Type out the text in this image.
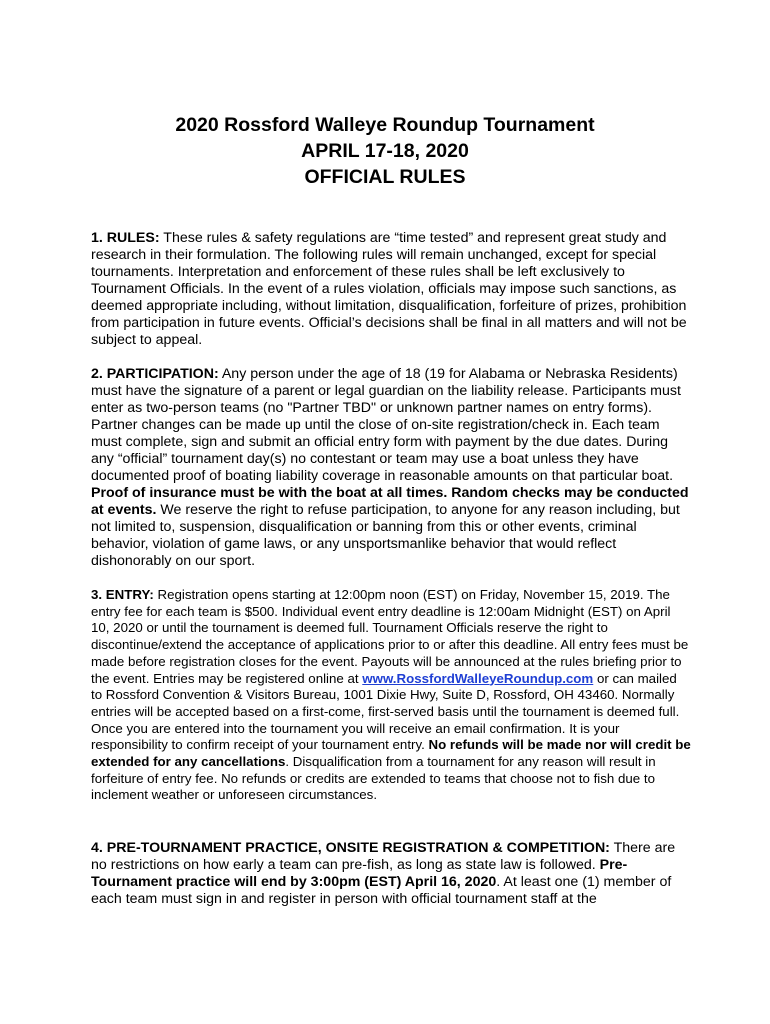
2020 Rossford Walleye Roundup Tournament
APRIL 17-18, 2020
OFFICIAL RULES

1. RULES: These rules & safety regulations are “time tested” and represent great study and research in their formulation. The following rules will remain unchanged, except for special tournaments. Interpretation and enforcement of these rules shall be left exclusively to Tournament Officials. In the event of a rules violation, officials may impose such sanctions, as deemed appropriate including, without limitation, disqualification, forfeiture of prizes, prohibition from participation in future events. Official’s decisions shall be final in all matters and will not be subject to appeal.

2. PARTICIPATION: Any person under the age of 18 (19 for Alabama or Nebraska Residents) must have the signature of a parent or legal guardian on the liability release. Participants must enter as two-person teams (no "Partner TBD" or unknown partner names on entry forms). Partner changes can be made up until the close of on-site registration/check in. Each team must complete, sign and submit an official entry form with payment by the due dates. During any “official” tournament day(s) no contestant or team may use a boat unless they have documented proof of boating liability coverage in reasonable amounts on that particular boat. Proof of insurance must be with the boat at all times. Random checks may be conducted at events. We reserve the right to refuse participation, to anyone for any reason including, but not limited to, suspension, disqualification or banning from this or other events, criminal behavior, violation of game laws, or any unsportsmanlike behavior that would reflect dishonorably on our sport.

3. ENTRY: Registration opens starting at 12:00pm noon (EST) on Friday, November 15, 2019. The entry fee for each team is $500. Individual event entry deadline is 12:00am Midnight (EST) on April 10, 2020 or until the tournament is deemed full. Tournament Officials reserve the right to discontinue/extend the acceptance of applications prior to or after this deadline. All entry fees must be made before registration closes for the event. Payouts will be announced at the rules briefing prior to the event. Entries may be registered online at www.RossfordWalleyeRoundup.com or can mailed to Rossford Convention & Visitors Bureau, 1001 Dixie Hwy, Suite D, Rossford, OH 43460. Normally entries will be accepted based on a first-come, first-served basis until the tournament is deemed full. Once you are entered into the tournament you will receive an email confirmation. It is your responsibility to confirm receipt of your tournament entry. No refunds will be made nor will credit be extended for any cancellations. Disqualification from a tournament for any reason will result in forfeiture of entry fee. No refunds or credits are extended to teams that choose not to fish due to inclement weather or unforeseen circumstances.

4. PRE-TOURNAMENT PRACTICE, ONSITE REGISTRATION & COMPETITION: There are no restrictions on how early a team can pre-fish, as long as state law is followed. Pre-Tournament practice will end by 3:00pm (EST) April 16, 2020. At least one (1) member of each team must sign in and register in person with official tournament staff at the
